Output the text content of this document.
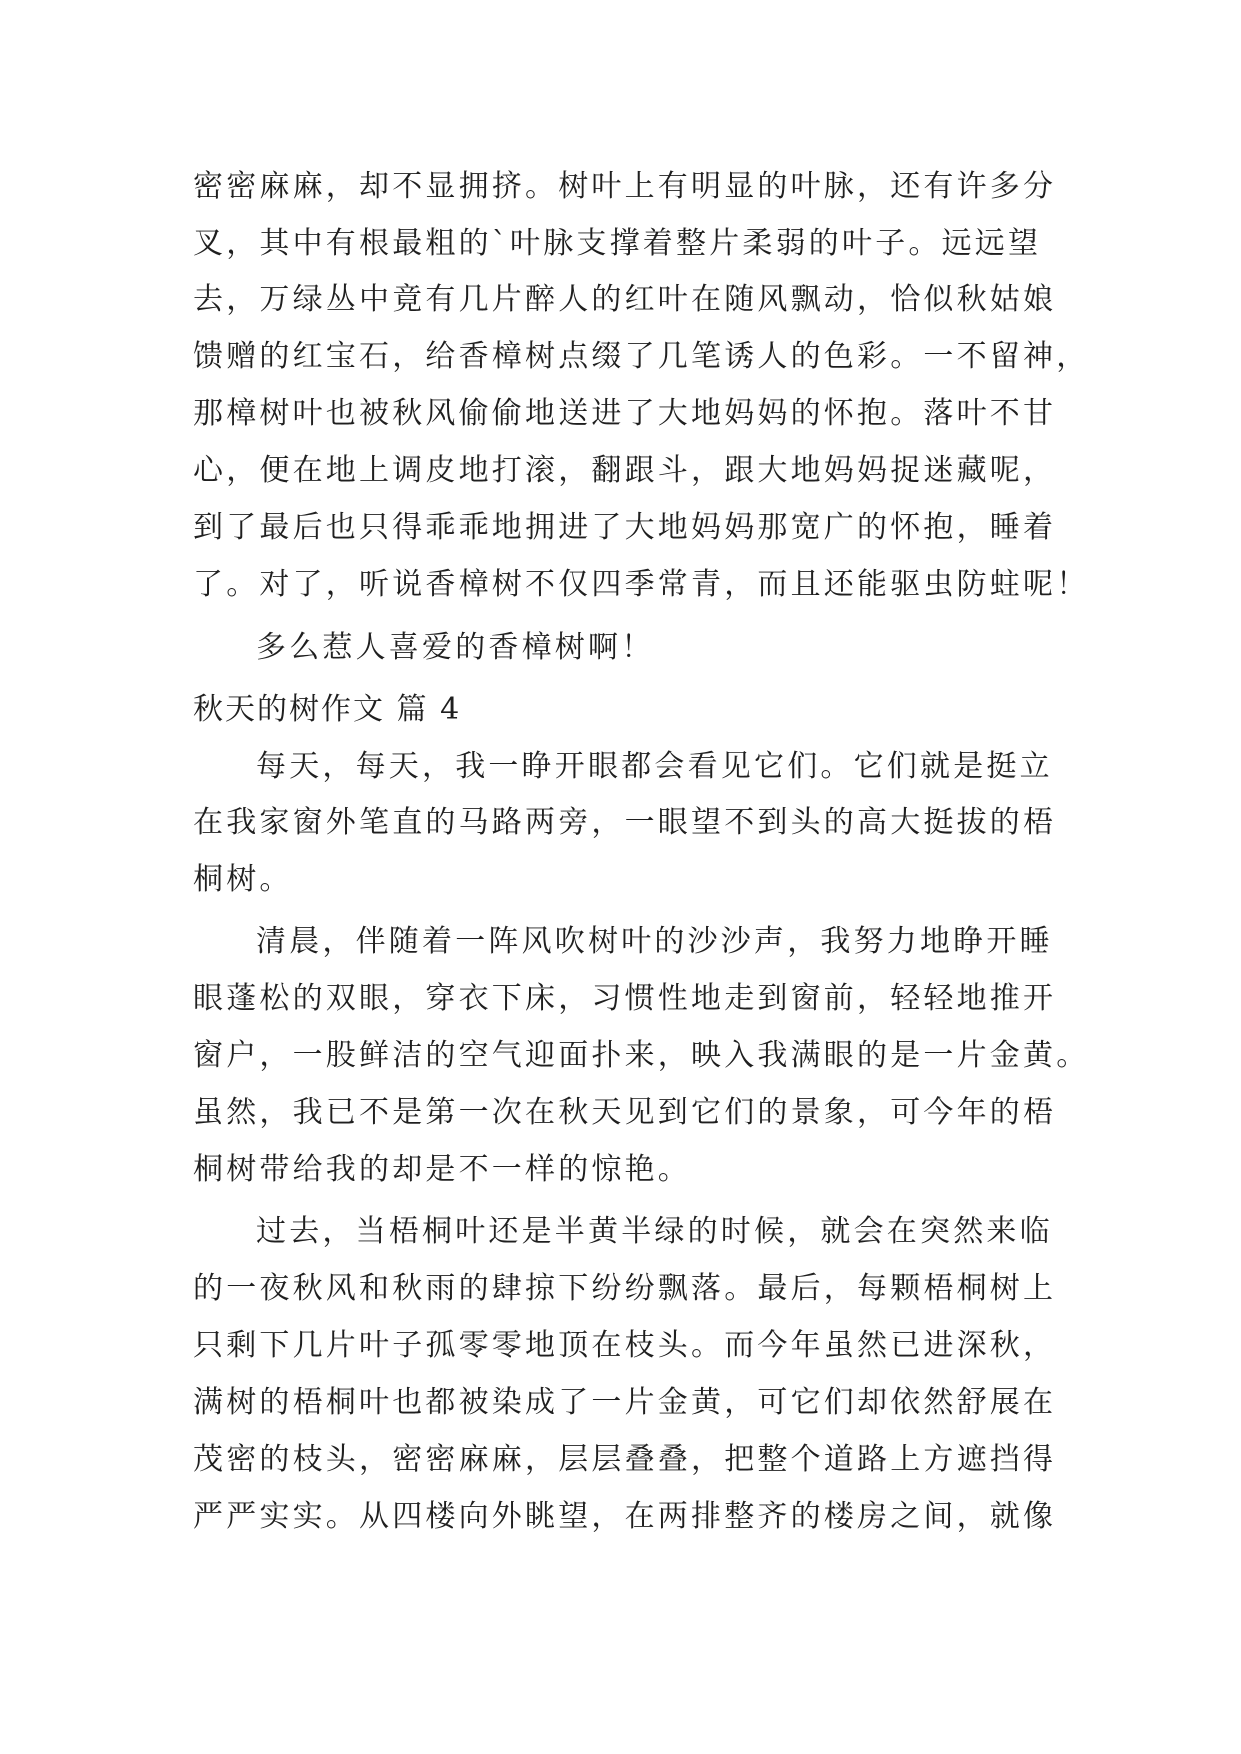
密密麻麻，却不显拥挤。树叶上有明显的叶脉，还有许多分
叉，其中有根最粗的`叶脉支撑着整片柔弱的叶子。远远望
去，万绿丛中竟有几片醉人的红叶在随风飘动，恰似秋姑娘
馈赠的红宝石，给香樟树点缀了几笔诱人的色彩。一不留神，
那樟树叶也被秋风偷偷地送进了大地妈妈的怀抱。落叶不甘
心，便在地上调皮地打滚，翻跟斗，跟大地妈妈捉迷藏呢，
到了最后也只得乖乖地拥进了大地妈妈那宽广的怀抱，睡着
了。对了，听说香樟树不仅四季常青，而且还能驱虫防蛀呢！
多么惹人喜爱的香樟树啊！
秋天的树作文 篇 4
每天，每天，我一睁开眼都会看见它们。它们就是挺立
在我家窗外笔直的马路两旁，一眼望不到头的高大挺拔的梧
桐树。
清晨，伴随着一阵风吹树叶的沙沙声，我努力地睁开睡
眼蓬松的双眼，穿衣下床，习惯性地走到窗前，轻轻地推开
窗户，一股鲜洁的空气迎面扑来，映入我满眼的是一片金黄。
虽然，我已不是第一次在秋天见到它们的景象，可今年的梧
桐树带给我的却是不一样的惊艳。
过去，当梧桐叶还是半黄半绿的时候，就会在突然来临
的一夜秋风和秋雨的肆掠下纷纷飘落。最后，每颗梧桐树上
只剩下几片叶子孤零零地顶在枝头。而今年虽然已进深秋，
满树的梧桐叶也都被染成了一片金黄，可它们却依然舒展在
茂密的枝头，密密麻麻，层层叠叠，把整个道路上方遮挡得
严严实实。从四楼向外眺望，在两排整齐的楼房之间，就像
